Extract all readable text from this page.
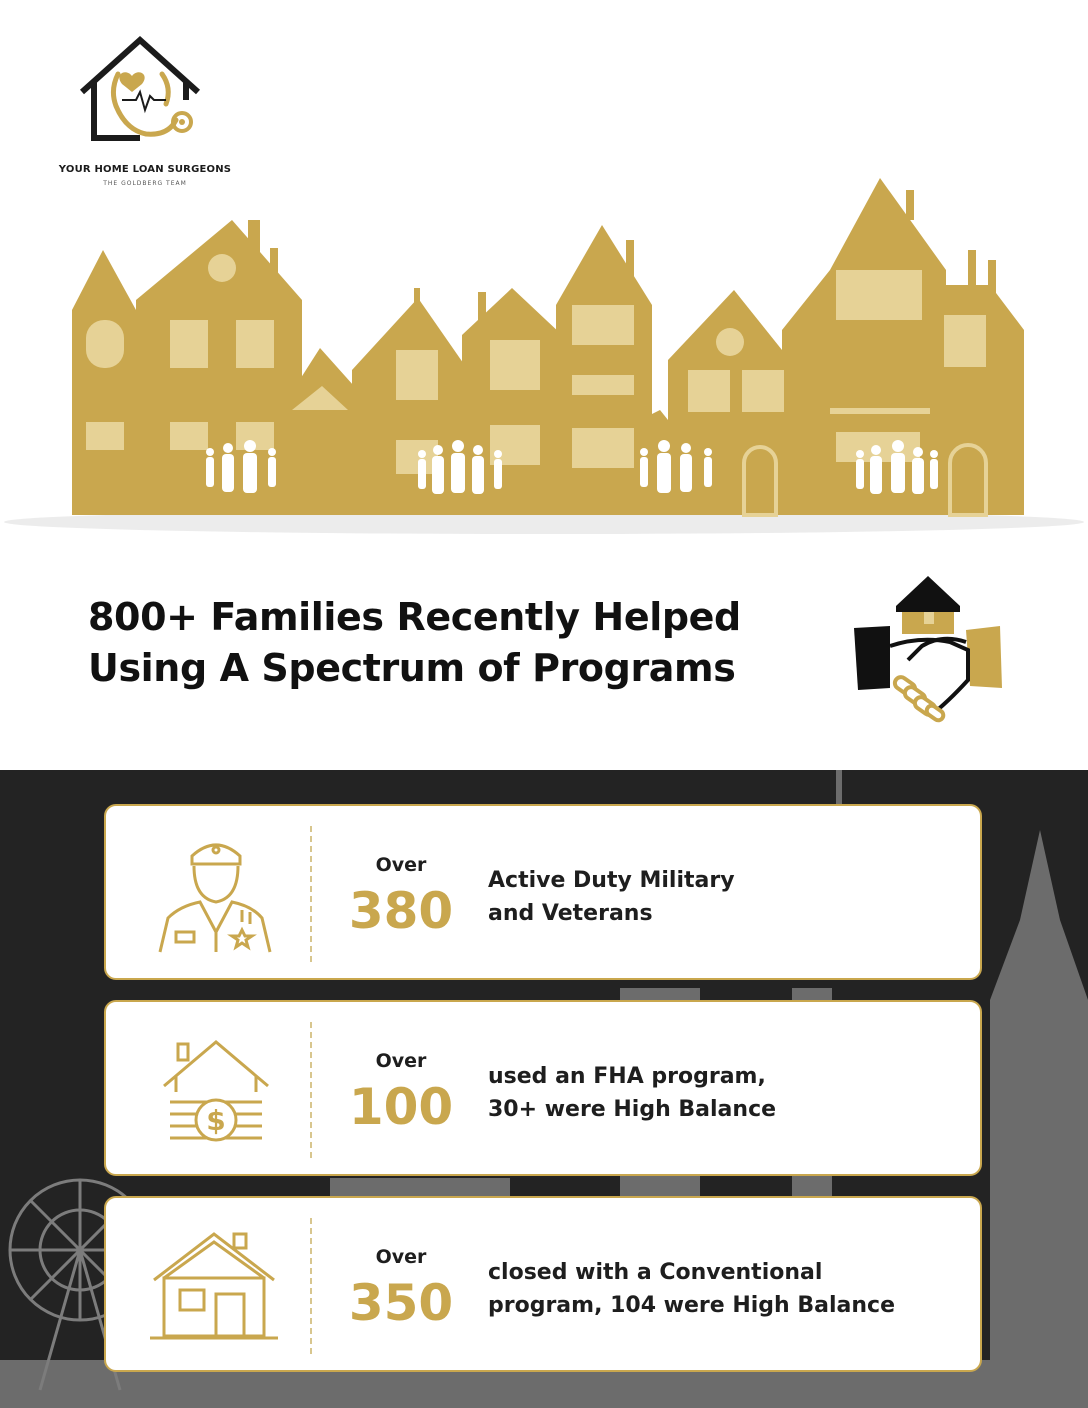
YOUR HOME LOAN SURGEONS
THE GOLDBERG TEAM
800+ Families Recently Helped
Using A Spectrum of Programs
Over
380
Active Duty Military
and Veterans
$
Over
100
used an FHA program,
30+ were High Balance
Over
350
closed with a Conventional
program, 104 were High Balance
